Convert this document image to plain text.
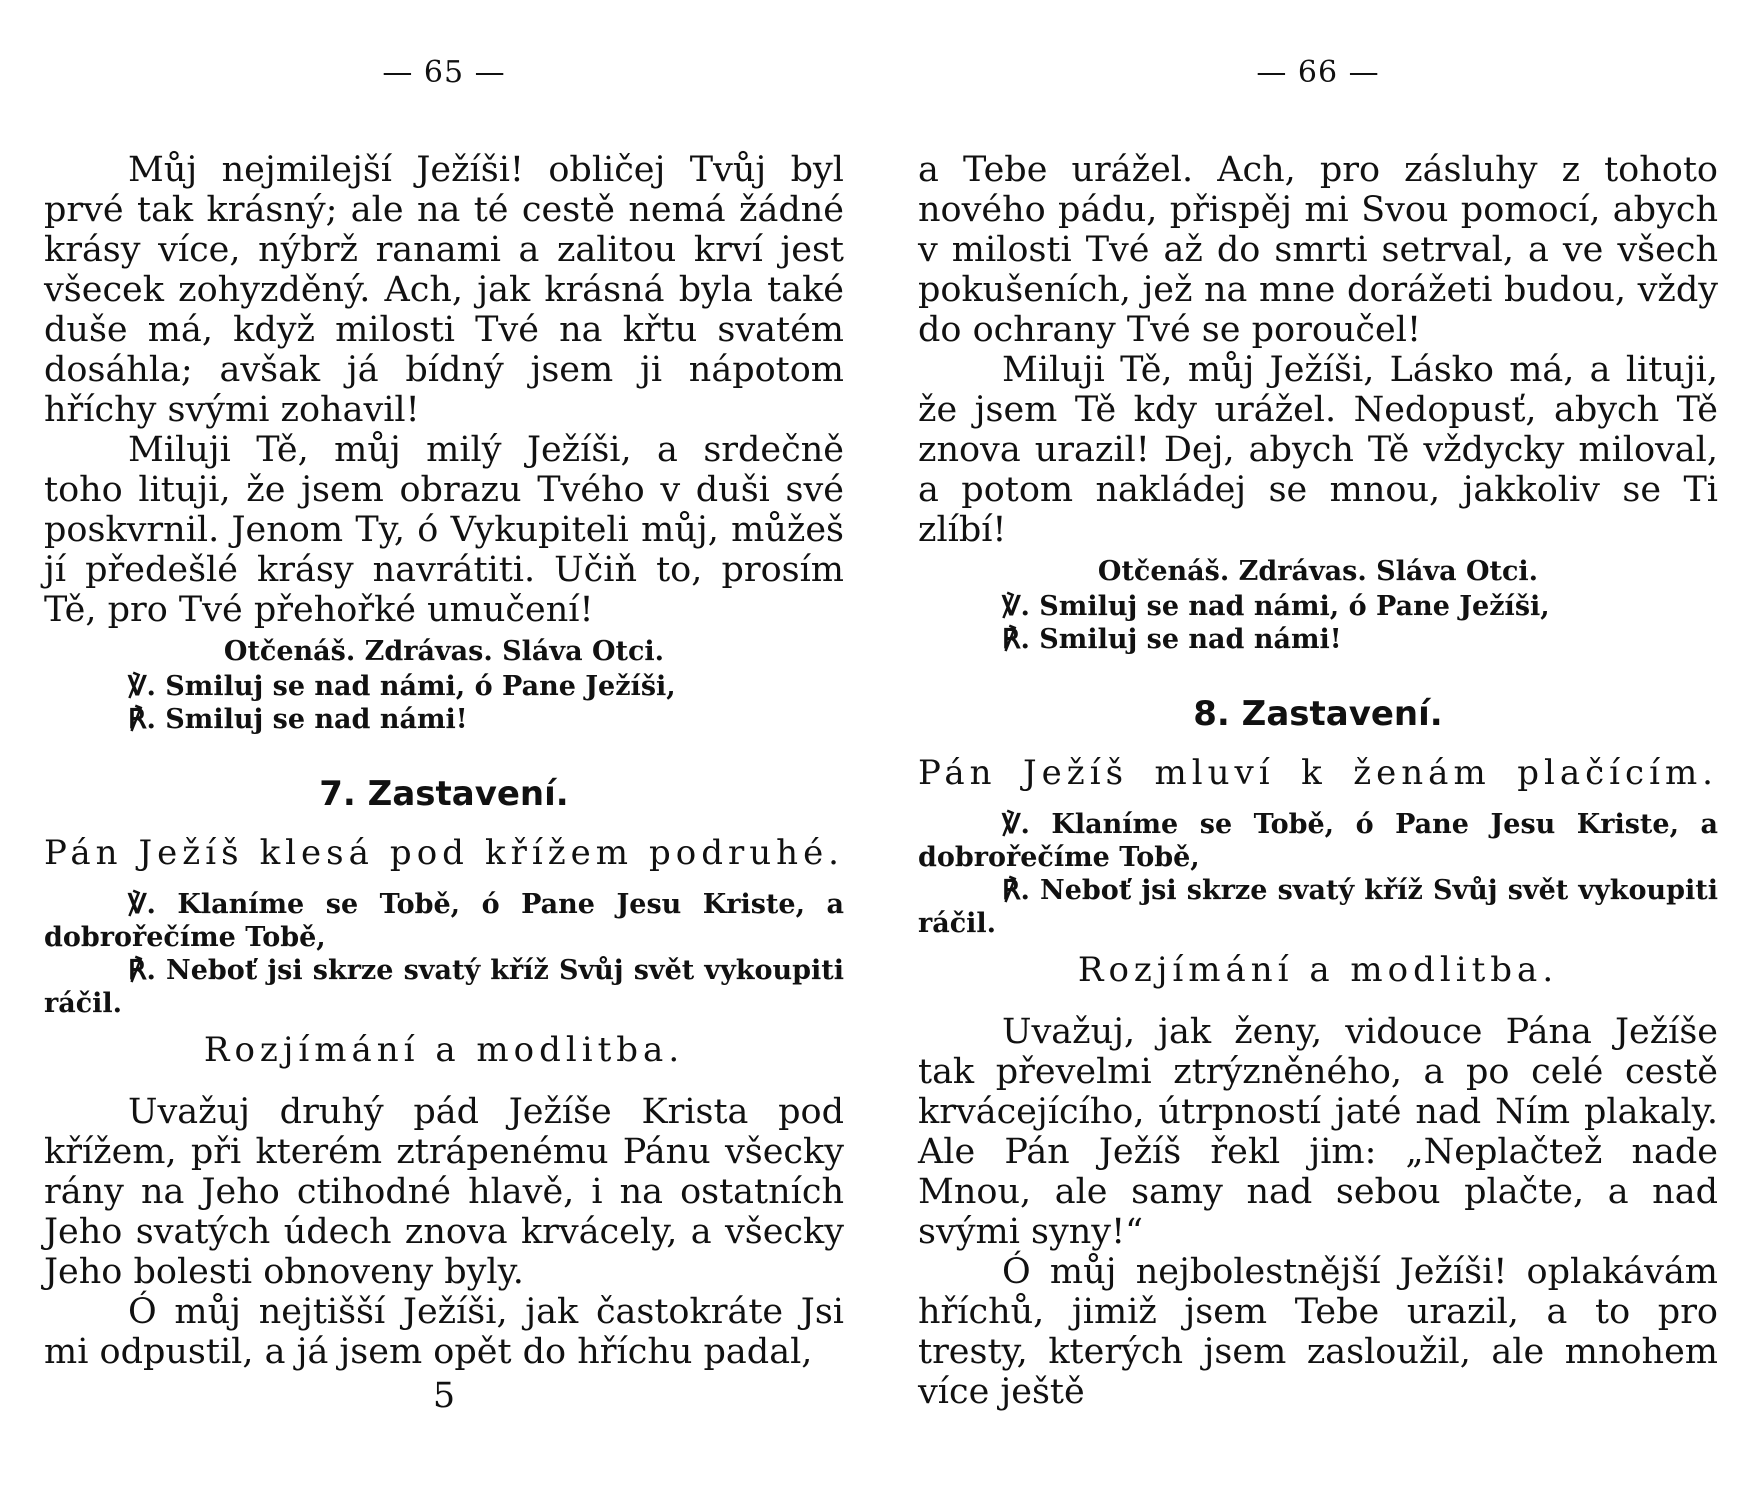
— 65 —

Můj nejmilejší Ježíši! obličej Tvůj byl prvé tak krásný; ale na té cestě nemá žádné krásy více, nýbrž ranami a zalitou krví jest všecek zohyzděný. Ach, jak krásná byla také duše má, když milosti Tvé na křtu svatém dosáhla; avšak já bídný jsem ji nápotom hříchy svými zohavil!

Miluji Tě, můj milý Ježíši, a srdečně toho lituji, že jsem obrazu Tvého v duši své poskvrnil. Jenom Ty, ó Vykupiteli můj, můžeš jí předešlé krásy navrátiti. Učiň to, prosím Tě, pro Tvé přehořké umučení!

Otčenáš. Zdrávas. Sláva Otci.
℣. Smiluj se nad námi, ó Pane Ježíši,
℟. Smiluj se nad námi!
7. Zastavení.
Pán Ježíš klesá pod křížem podruhé.
℣. Klaníme se Tobě, ó Pane Jesu Kriste, a dobrořečíme Tobě,
℟. Neboť jsi skrze svatý kříž Svůj svět vykoupiti ráčil.
Rozjímání a modlitba.

Uvažuj druhý pád Ježíše Krista pod křížem, při kterém ztrápenému Pánu všecky rány na Jeho ctihodné hlavě, i na ostatních Jeho svatých údech znova krvácely, a všecky Jeho bolesti obnoveny byly.

Ó můj nejtišší Ježíši, jak častokráte Jsi mi odpustil, a já jsem opět do hříchu padal,

5
— 66 —

a Tebe urážel. Ach, pro zásluhy z tohoto nového pádu, přispěj mi Svou pomocí, abych v milosti Tvé až do smrti setrval, a ve všech pokušeních, jež na mne dorážeti budou, vždy do ochrany Tvé se poroučel!

Miluji Tě, můj Ježíši, Lásko má, a lituji, že jsem Tě kdy urážel. Nedopusť, abych Tě znova urazil! Dej, abych Tě vždycky miloval, a potom nakládej se mnou, jakkoliv se Ti zlíbí!

Otčenáš. Zdrávas. Sláva Otci.
℣. Smiluj se nad námi, ó Pane Ježíši,
℟. Smiluj se nad námi!
8. Zastavení.
Pán Ježíš mluví k ženám plačícím.
℣. Klaníme se Tobě, ó Pane Jesu Kriste, a dobrořečíme Tobě,
℟. Neboť jsi skrze svatý kříž Svůj svět vykoupiti ráčil.
Rozjímání a modlitba.

Uvažuj, jak ženy, vidouce Pána Ježíše tak převelmi ztrýzněného, a po celé cestě krvácejícího, útrpností jaté nad Ním plakaly. Ale Pán Ježíš řekl jim: „Neplačtež nade Mnou, ale samy nad sebou plačte, a nad svými syny!“

Ó můj nejbolestnější Ježíši! oplakávám hříchů, jimiž jsem Tebe urazil, a to pro tresty, kterých jsem zasloužil, ale mnohem více ještě
